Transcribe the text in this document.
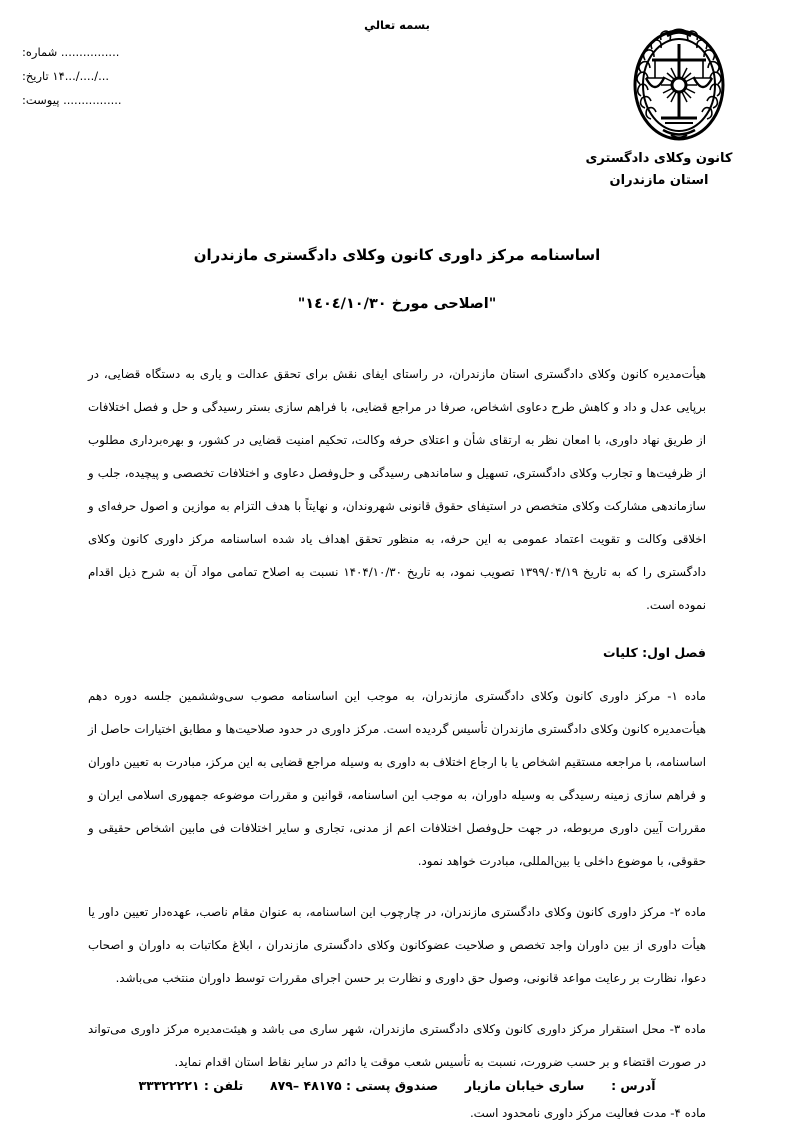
بسمه تعالي
................ شماره:
.../..../...۱۴ تاریخ:
................ پیوست:
کانون وکلای دادگستری
استان مازندران
اساسنامه مرکز داوری کانون وکلای دادگستری مازندران
"اصلاحی مورخ ۱٤۰٤/۱۰/۳۰"

هیأت‌مدیره کانون وکلای دادگستری استان مازندران، در راستای ایفای نقش برای تحقق عدالت و یاری به دستگاه قضایی، در برپایی عدل و داد و کاهش طرح دعاوی اشخاص، صرفا در مراجع قضایی، با فراهم سازی بستر رسیدگی و حل و فصل اختلافات از طریق نهاد داوری، با امعان نظر به ارتقای شأن و اعتلای حرفه وکالت، تحکیم امنیت قضایی در کشور، و بهره‌برداری مطلوب از ظرفیت‌ها و تجارب وکلای دادگستری، تسهیل و ساماندهی رسیدگی و حل‌وفصل دعاوی و اختلافات تخصصی و پیچیده، جلب و سازماندهی مشارکت وکلای متخصص در استیفای حقوق قانونی شهروندان، و نهایتاً با هدف التزام به موازین و اصول حرفه‌ای و اخلاقی وکالت و تقویت اعتماد عمومی به این حرفه، به منظور تحقق اهداف یاد شده اساسنامه مرکز داوری کانون وکلای دادگستری را که به تاریخ ۱۳۹۹/۰۴/۱۹ تصویب نمود، به تاریخ ۱۴۰۴/۱۰/۳۰ نسبت به اصلاح تمامی مواد آن به شرح ذیل اقدام نموده است.

فصل اول: کلیات

ماده ۱- مرکز داوری کانون وکلای دادگستری مازندران، به موجب این اساسنامه مصوب سی‌وششمین جلسه دوره دهم هیأت‌مدیره کانون وکلای دادگستری مازندران تأسیس گردیده است. مرکز داوری در حدود صلاحیت‌ها و مطابق اختیارات حاصل از اساسنامه، با مراجعه مستقیم اشخاص یا با ارجاع اختلاف به داوری به وسیله مراجع قضایی به این مرکز، مبادرت به تعیین داوران و فراهم سازی زمینه رسیدگی به وسیله داوران، به موجب این اساسنامه، قوانین و مقررات موضوعه جمهوری اسلامی ایران و مقررات آیین داوری مربوطه، در جهت حل‌وفصل اختلافات اعم از مدنی، تجاری و سایر اختلافات فی مابین اشخاص حقیقی و حقوقی، با موضوع داخلی یا بین‌المللی، مبادرت خواهد نمود.

ماده ۲- مرکز داوری کانون وکلای دادگستری مازندران، در چارچوب این اساسنامه، به عنوان مقام ناصب، عهده‌دار تعیین داور یا هیأت داوری از بین داوران واجد تخصص و صلاحیت عضوکانون وکلای دادگستری مازندران ، ابلاغ مکاتبات به داوران و اصحاب دعوا، نظارت بر رعایت مواعد قانونی، وصول حق داوری و نظارت بر حسن اجرای مقررات توسط داوران منتخب می‌باشد.

ماده ۳- محل استقرار مرکز داوری کانون وکلای دادگستری مازندران، شهر ساری می باشد و هیئت‌مدیره مرکز داوری می‌تواند در صورت اقتضاء و بر حسب ضرورت، نسبت به تأسیس شعب موقت یا دائم در سایر نقاط استان اقدام نماید.

ماده ۴- مدت فعالیت مرکز داوری نامحدود است.

آدرس :  ساری خیابان مازیار  صندوق پستی : ۴۸۱۷۵ –۸۷۹  تلفن : ۳۳۳۲۲۲۲۱
